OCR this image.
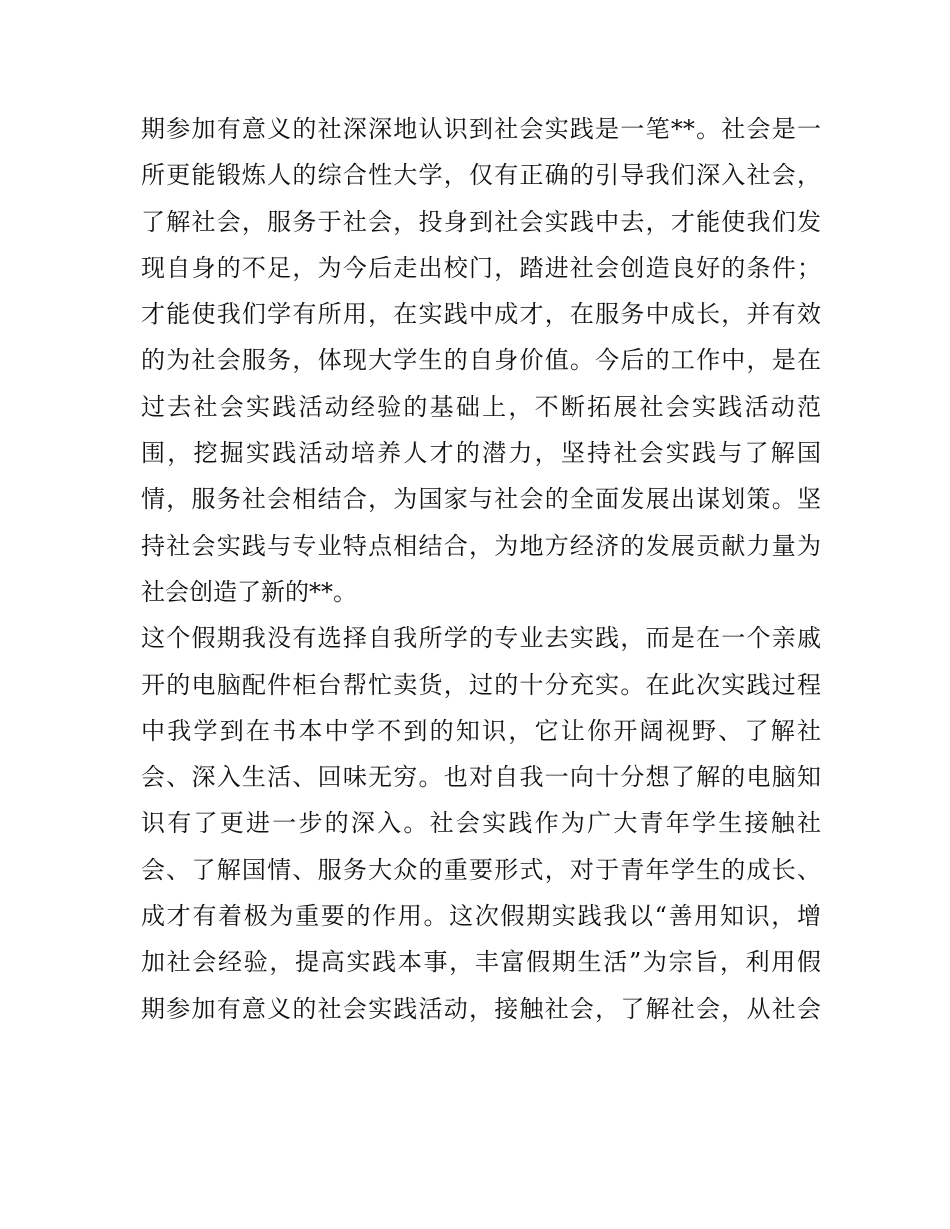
期参加有意义的社深深地认识到社会实践是一笔**。社会是一
所更能锻炼人的综合性大学，仅有正确的引导我们深入社会，
了解社会，服务于社会，投身到社会实践中去，才能使我们发
现自身的不足，为今后走出校门，踏进社会创造良好的条件；
才能使我们学有所用，在实践中成才，在服务中成长，并有效
的为社会服务，体现大学生的自身价值。今后的工作中，是在
过去社会实践活动经验的基础上，不断拓展社会实践活动范
围，挖掘实践活动培养人才的潜力，坚持社会实践与了解国
情，服务社会相结合，为国家与社会的全面发展出谋划策。坚
持社会实践与专业特点相结合，为地方经济的发展贡献力量为
社会创造了新的**。
这个假期我没有选择自我所学的专业去实践，而是在一个亲戚
开的电脑配件柜台帮忙卖货，过的十分充实。在此次实践过程
中我学到在书本中学不到的知识，它让你开阔视野、了解社
会、深入生活、回味无穷。也对自我一向十分想了解的电脑知
识有了更进一步的深入。社会实践作为广大青年学生接触社
会、了解国情、服务大众的重要形式，对于青年学生的成长、
成才有着极为重要的作用。这次假期实践我以“善用知识，增
加社会经验，提高实践本事，丰富假期生活”为宗旨，利用假
期参加有意义的社会实践活动，接触社会，了解社会，从社会
